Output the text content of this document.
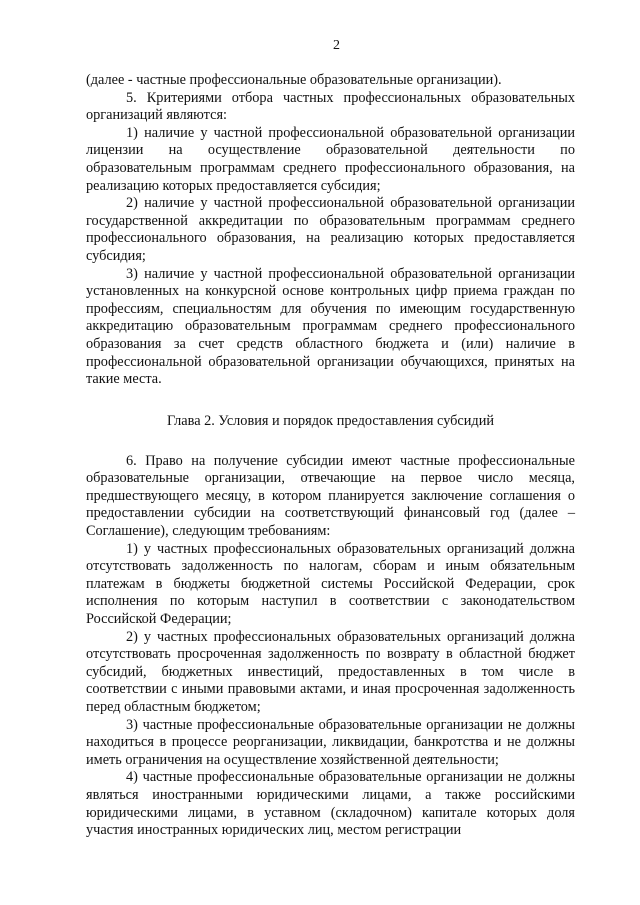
2

(далее - частные профессиональные образовательные организации).

5. Критериями отбора частных профессиональных образовательных организаций являются:

1) наличие у частной профессиональной образовательной организации лицензии на осуществление образовательной деятельности по образовательным программам среднего профессионального образования, на реализацию которых предоставляется субсидия;

2) наличие у частной профессиональной образовательной организации государственной аккредитации по образовательным программам среднего профессионального образования, на реализацию которых предоставляется субсидия;

3) наличие у частной профессиональной образовательной организации установленных на конкурсной основе контрольных цифр приема граждан по профессиям, специальностям для обучения по имеющим государственную аккредитацию образовательным программам среднего профессионального образования за счет средств областного бюджета и (или) наличие в профессиональной образовательной организации обучающихся, принятых на такие места.

Глава 2. Условия и порядок предоставления субсидий

6. Право на получение субсидии имеют частные профессиональные образовательные организации, отвечающие на первое число месяца, предшествующего месяцу, в котором планируется заключение соглашения о предоставлении субсидии на соответствующий финансовый год (далее – Соглашение), следующим требованиям:

1) у частных профессиональных образовательных организаций должна отсутствовать задолженность по налогам, сборам и иным обязательным платежам в бюджеты бюджетной системы Российской Федерации, срок исполнения по которым наступил в соответствии с законодательством Российской Федерации;

2) у частных профессиональных образовательных организаций должна отсутствовать просроченная задолженность по возврату в областной бюджет субсидий, бюджетных инвестиций, предоставленных в том числе в соответствии с иными правовыми актами, и иная просроченная задолженность перед областным бюджетом;

3) частные профессиональные образовательные организации не должны находиться в процессе реорганизации, ликвидации, банкротства и не должны иметь ограничения на осуществление хозяйственной деятельности;

4) частные профессиональные образовательные организации не должны являться иностранными юридическими лицами, а также российскими юридическими лицами, в уставном (складочном) капитале которых доля участия иностранных юридических лиц, местом регистрации
